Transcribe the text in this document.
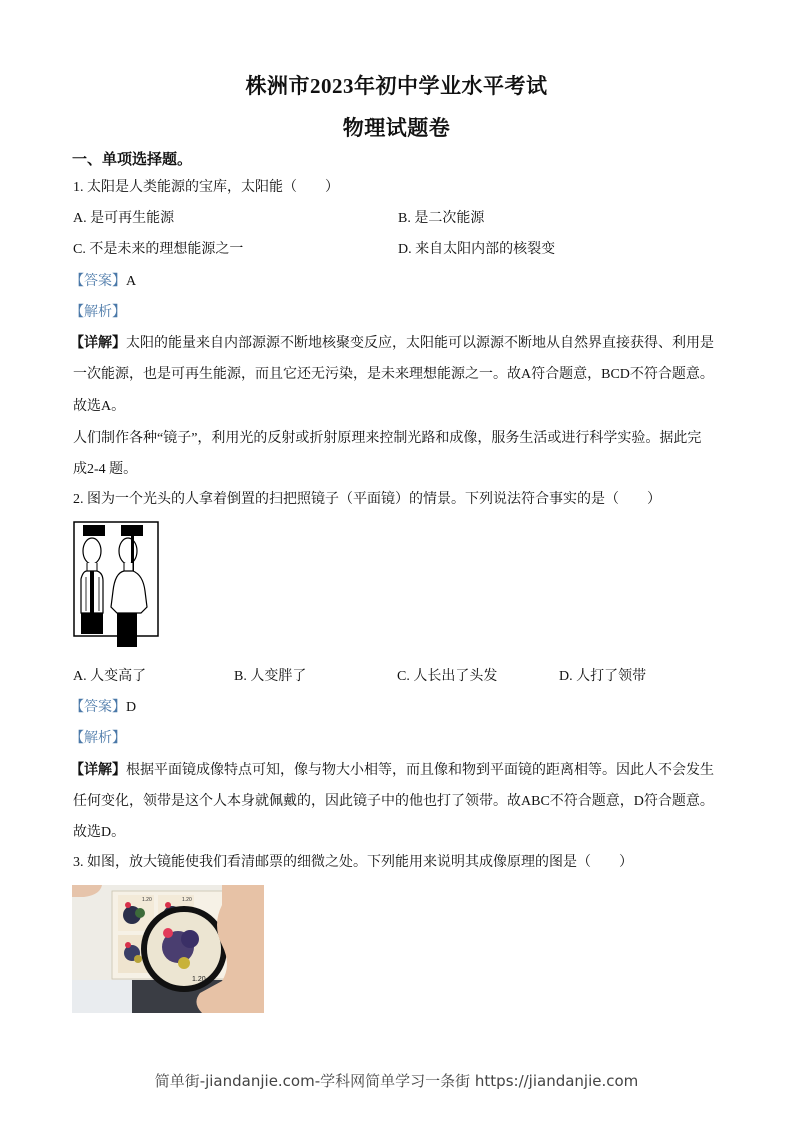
株洲市2023年初中学业水平考试
物理试题卷
一、单项选择题。
1. 太阳是人类能源的宝库，太阳能（　　）
A. 是可再生能源	B. 是二次能源
C. 不是未来的理想能源之一	D. 来自太阳内部的核裂变
【答案】A
【解析】
【详解】太阳的能量来自内部源源不断地核聚变反应，太阳能可以源源不断地从自然界直接获得、利用是
一次能源，也是可再生能源，而且它还无污染，是未来理想能源之一。故A符合题意，BCD不符合题意。
故选A。
人们制作各种“镜子”，利用光的反射或折射原理来控制光路和成像，服务生活或进行科学实验。据此完
成2-4 题。
2. 图为一个光头的人拿着倒置的扫把照镜子（平面镜）的情景。下列说法符合事实的是（　　）
A. 人变高了	B. 人变胖了	C. 人长出了头发	D. 人打了领带
【答案】D
【解析】
【详解】根据平面镜成像特点可知，像与物大小相等，而且像和物到平面镜的距离相等。因此人不会发生
任何变化，领带是这个人本身就佩戴的，因此镜子中的他也打了领带。故ABC不符合题意，D符合题意。
故选D。
3. 如图，放大镜能使我们看清邮票的细微之处。下列能用来说明其成像原理的图是（　　）
1.20	1.20
1.20
简单街-jiandanjie.com-学科网简单学习一条街 https://jiandanjie.com
